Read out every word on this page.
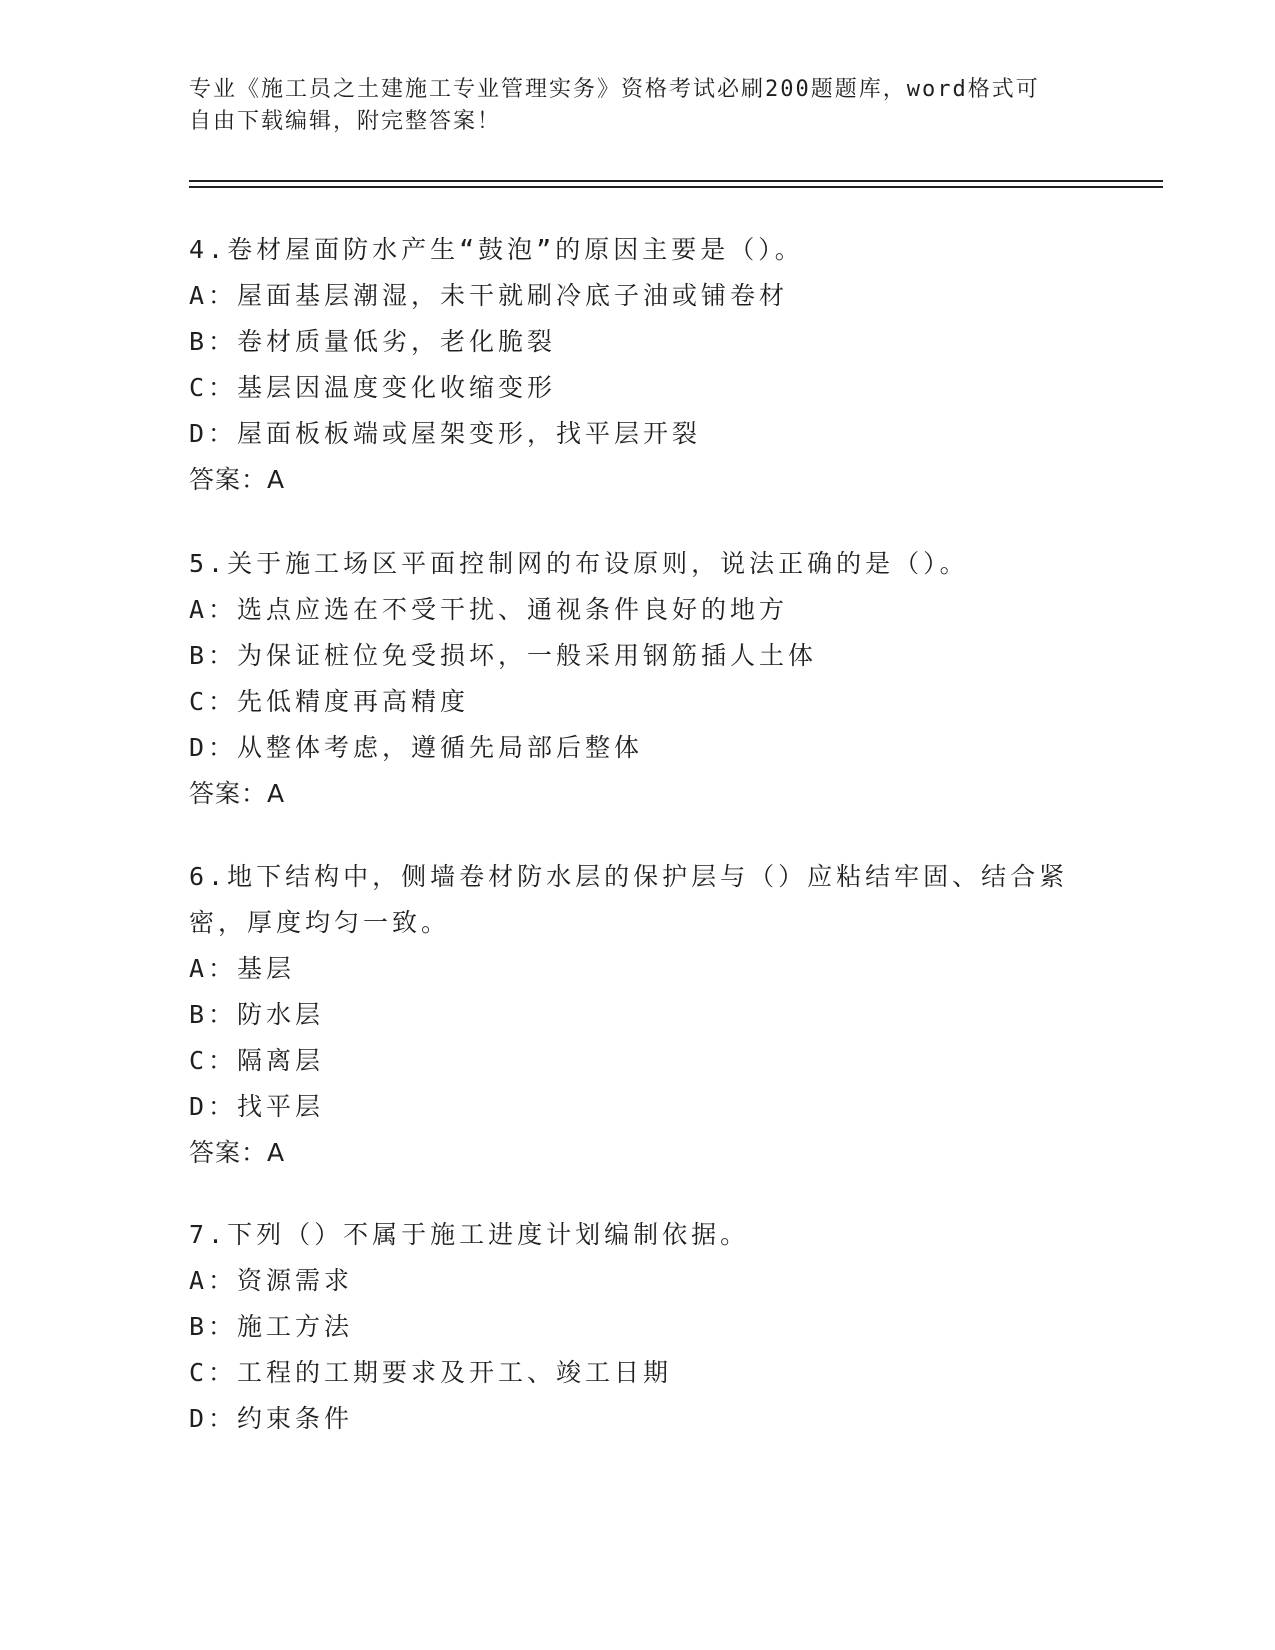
专业《施工员之土建施工专业管理实务》资格考试必刷200题题库，word格式可
自由下载编辑，附完整答案！
4.卷材屋面防水产生“鼓泡”的原因主要是（）。
A：屋面基层潮湿，未干就刷冷底子油或铺卷材
B：卷材质量低劣，老化脆裂
C：基层因温度变化收缩变形
D：屋面板板端或屋架变形，找平层开裂
答案：A
5.关于施工场区平面控制网的布设原则，说法正确的是（）。
A：选点应选在不受干扰、通视条件良好的地方
B：为保证桩位免受损坏，一般采用钢筋插人土体
C：先低精度再高精度
D：从整体考虑，遵循先局部后整体
答案：A
6.地下结构中，侧墙卷材防水层的保护层与（）应粘结牢固、结合紧
密，厚度均匀一致。
A：基层
B：防水层
C：隔离层
D：找平层
答案：A
7.下列（）不属于施工进度计划编制依据。
A：资源需求
B：施工方法
C：工程的工期要求及开工、竣工日期
D：约束条件
